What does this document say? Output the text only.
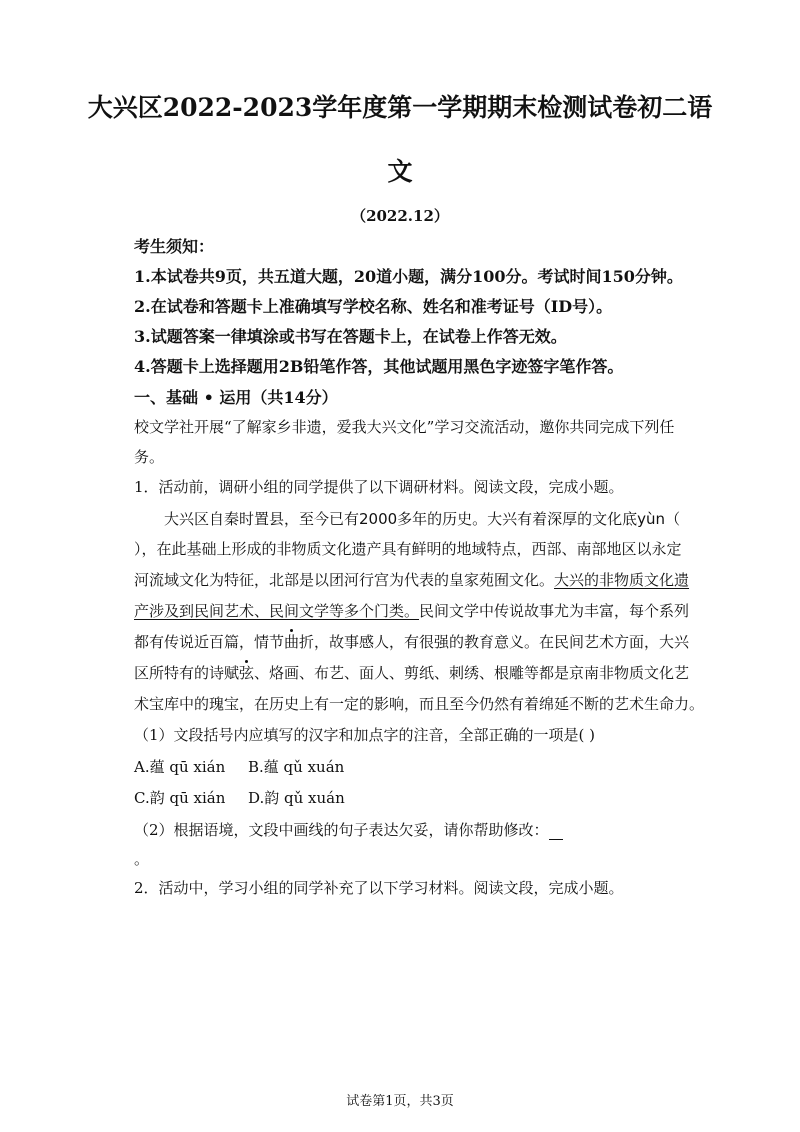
大兴区2022-2023学年度第一学期期末检测试卷初二语
文
（2022.12）
考生须知：
1.本试卷共9页，共五道大题，20道小题，满分100分。考试时间150分钟。
2.在试卷和答题卡上准确填写学校名称、姓名和准考证号（ID号）。
3.试题答案一律填涂或书写在答题卡上，在试卷上作答无效。
4.答题卡上选择题用2B铅笔作答，其他试题用黑色字迹签字笔作答。
一、基础 • 运用（共14分）
校文学社开展“了解家乡非遗，爱我大兴文化”学习交流活动，邀你共同完成下列任
务。
1．活动前，调研小组的同学提供了以下调研材料。阅读文段，完成小题。
大兴区自秦时置县，至今已有2000多年的历史。大兴有着深厚的文化底yùn（
），在此基础上形成的非物质文化遗产具有鲜明的地域特点，西部、南部地区以永定
河流域文化为特征，北部是以团河行宫为代表的皇家苑囿文化。大兴的非物质文化遗
产涉及到民间艺术、民间文学等多个门类。民间文学中传说故事尤为丰富，每个系列
都有传说近百篇，情节曲折，故事感人，有很强的教育意义。在民间艺术方面，大兴
区所特有的诗赋弦、烙画、布艺、面人、剪纸、刺绣、根雕等都是京南非物质文化艺
术宝库中的瑰宝，在历史上有一定的影响，而且至今仍然有着绵延不断的艺术生命力。
（1）文段括号内应填写的汉字和加点字的注音，全部正确的一项是( )
A.蕴 qū xián B.蕴 qǔ xuán
C.韵 qū xián D.韵 qǔ xuán
（2）根据语境，文段中画线的句子表达欠妥，请你帮助修改：
。
2．活动中，学习小组的同学补充了以下学习材料。阅读文段，完成小题。
试卷第1页，共3页
